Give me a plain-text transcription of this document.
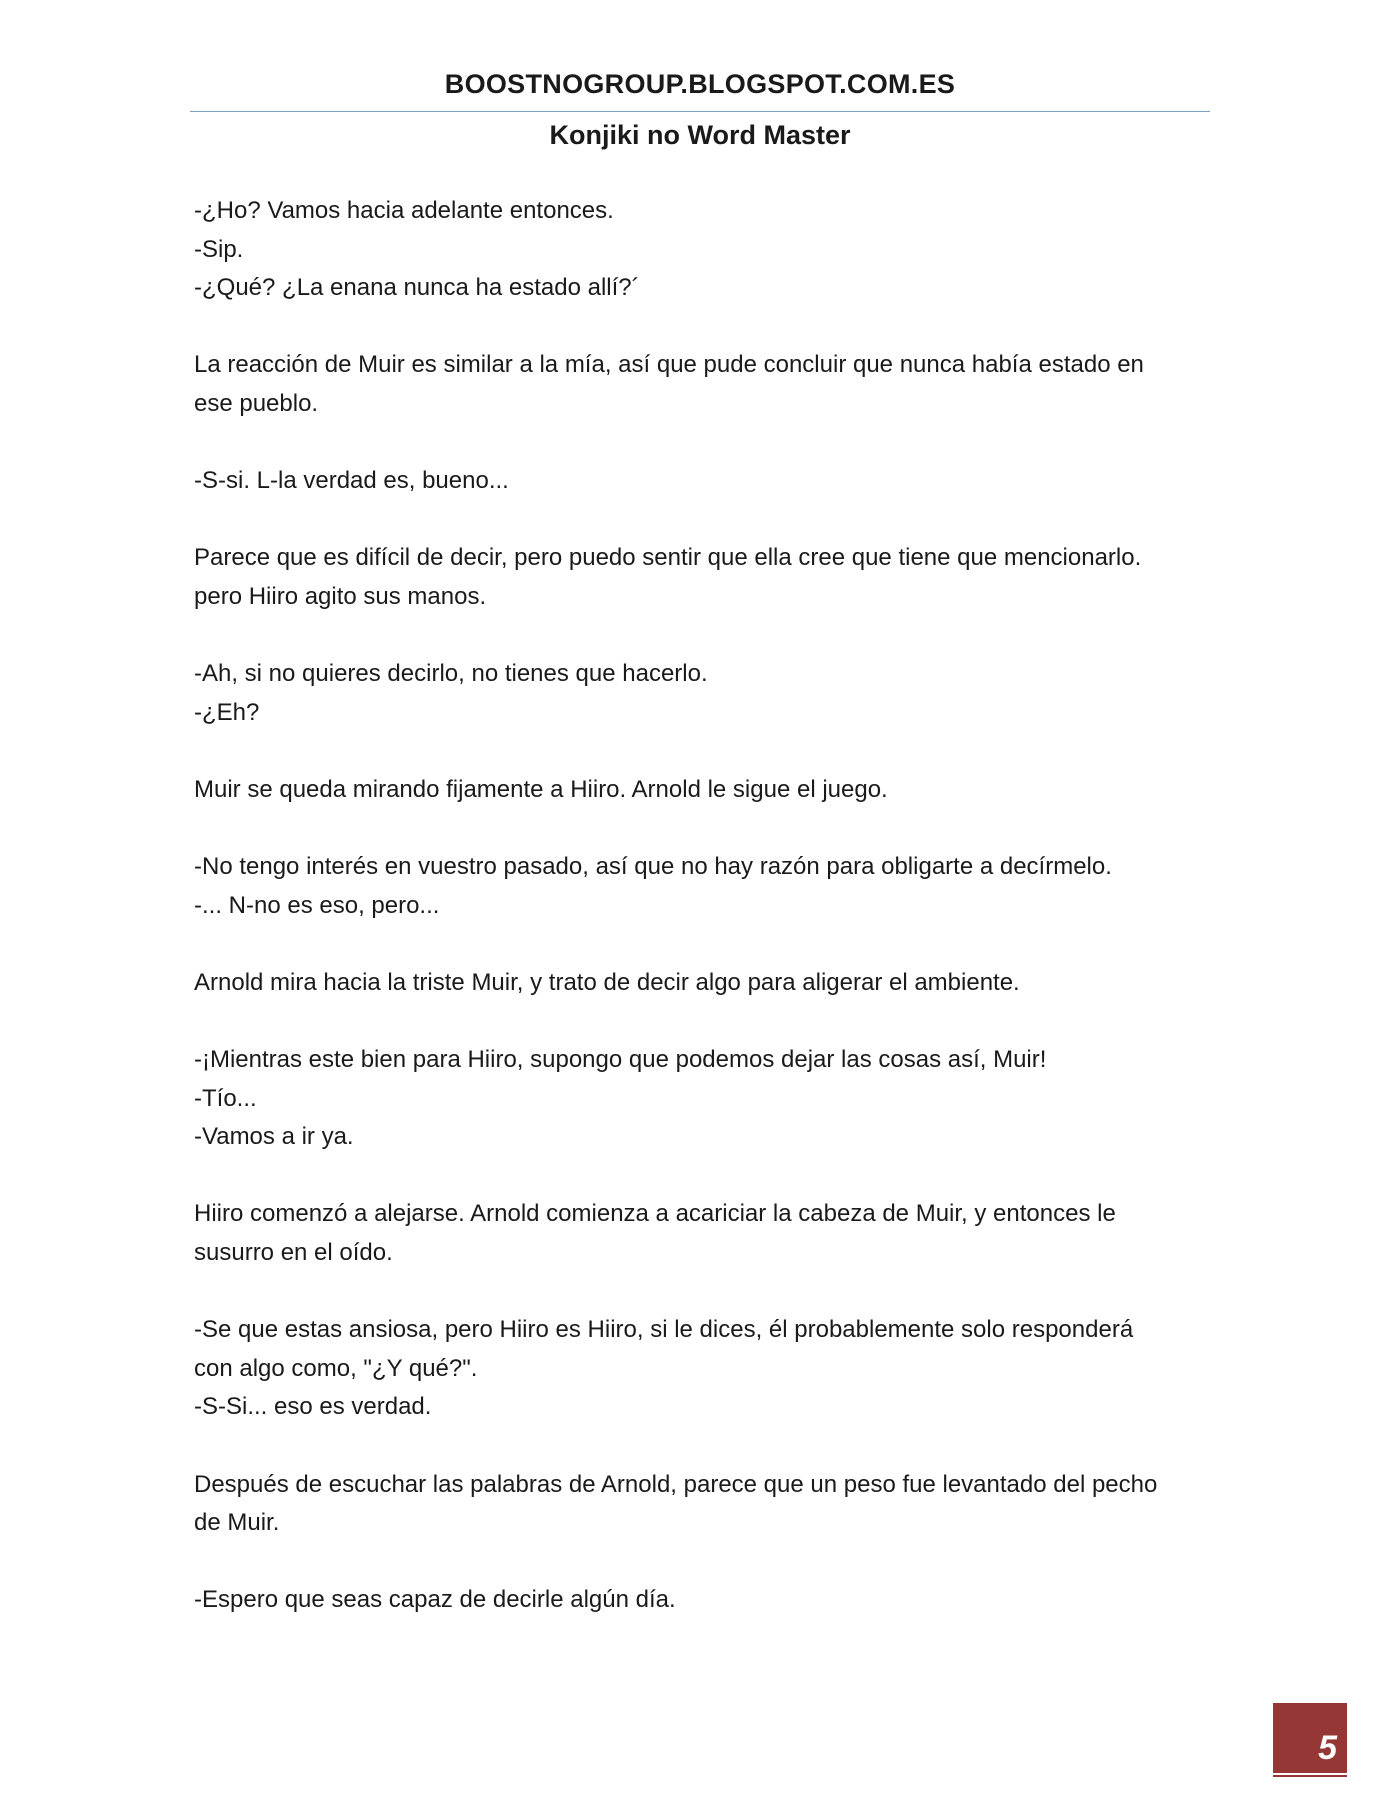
BOOSTNOGROUP.BLOGSPOT.COM.ES
Konjiki no Word Master

-¿Ho? Vamos hacia adelante entonces.
-Sip.
-¿Qué? ¿La enana nunca ha estado allí?´

La reacción de Muir es similar a la mía, así que pude concluir que nunca había estado en
ese pueblo.

-S-si. L-la verdad es, bueno...

Parece que es difícil de decir, pero puedo sentir que ella cree que tiene que mencionarlo.
pero Hiiro agito sus manos.

-Ah, si no quieres decirlo, no tienes que hacerlo.
-¿Eh?

Muir se queda mirando fijamente a Hiiro. Arnold le sigue el juego.

-No tengo interés en vuestro pasado, así que no hay razón para obligarte a decírmelo.
-... N-no es eso, pero...

Arnold mira hacia la triste Muir, y trato de decir algo para aligerar el ambiente.

-¡Mientras este bien para Hiiro, supongo que podemos dejar las cosas así, Muir!
-Tío...
-Vamos a ir ya.

Hiiro comenzó a alejarse. Arnold comienza a acariciar la cabeza de Muir, y entonces le
susurro en el oído.

-Se que estas ansiosa, pero Hiiro es Hiiro, si le dices, él probablemente solo responderá
con algo como, "¿Y qué?".
-S-Si... eso es verdad.

Después de escuchar las palabras de Arnold, parece que un peso fue levantado del pecho
de Muir.

-Espero que seas capaz de decirle algún día.

5
